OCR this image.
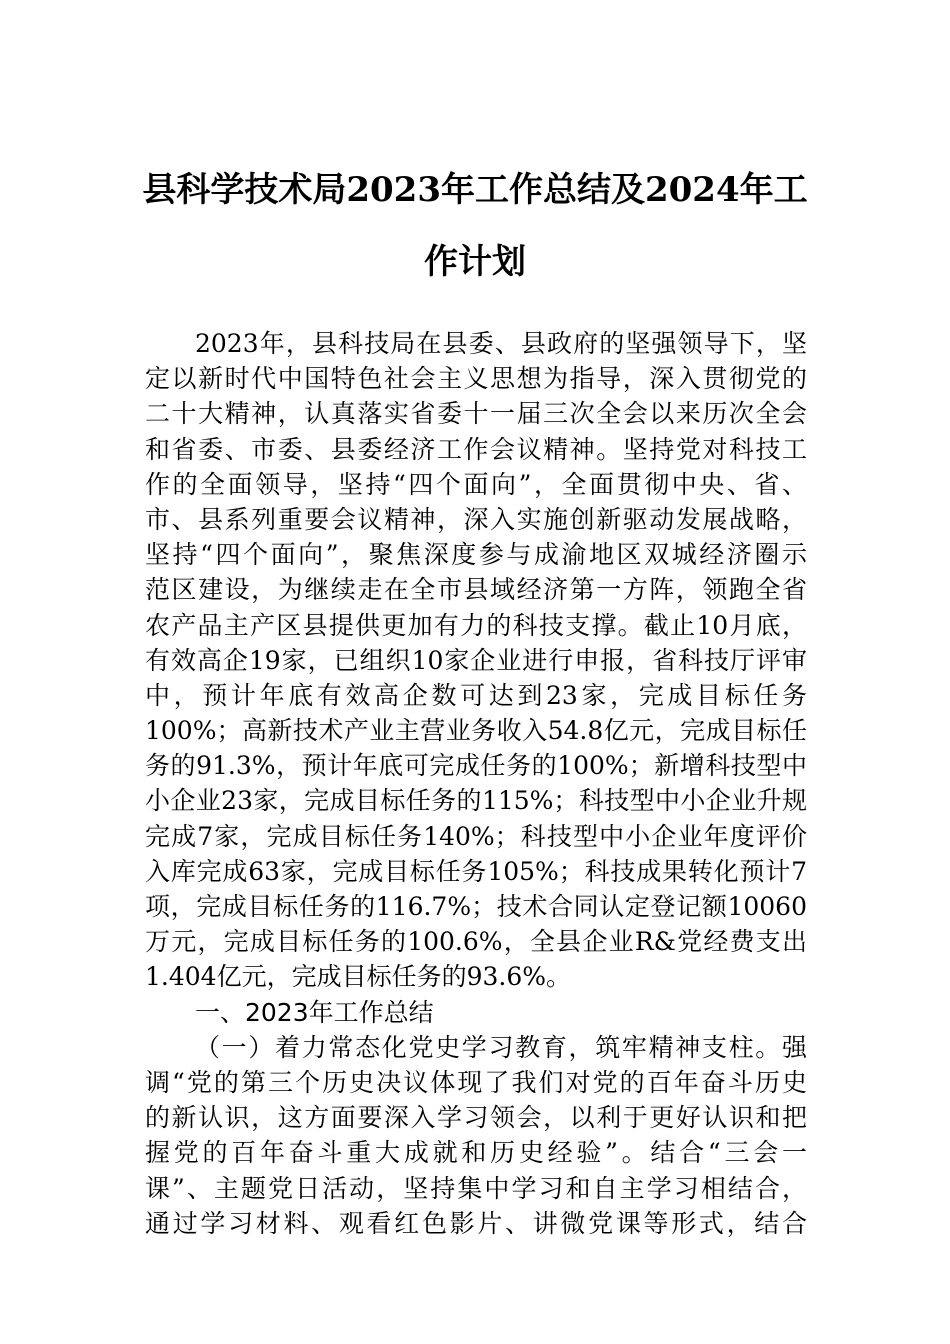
县科学技术局2023年工作总结及2024年工
作计划
2023年，县科技局在县委、县政府的坚强领导下，坚
定以新时代中国特色社会主义思想为指导，深入贯彻党的
二十大精神，认真落实省委十一届三次全会以来历次全会
和省委、市委、县委经济工作会议精神。坚持党对科技工
作的全面领导，坚持“四个面向”，全面贯彻中央、省、
市、县系列重要会议精神，深入实施创新驱动发展战略，
坚持“四个面向”，聚焦深度参与成渝地区双城经济圈示
范区建设，为继续走在全市县域经济第一方阵，领跑全省
农产品主产区县提供更加有力的科技支撑。截止10月底，
有效高企19家，已组织10家企业进行申报，省科技厅评审
中，预计年底有效高企数可达到23家，完成目标任务
100%；高新技术产业主营业务收入54.8亿元，完成目标任
务的91.3%，预计年底可完成任务的100%；新增科技型中
小企业23家，完成目标任务的115%；科技型中小企业升规
完成7家，完成目标任务140%；科技型中小企业年度评价
入库完成63家，完成目标任务105%；科技成果转化预计7
项，完成目标任务的116.7%；技术合同认定登记额10060
万元，完成目标任务的100.6%，全县企业R&党经费支出
1.404亿元，完成目标任务的93.6%。
一、2023年工作总结
（一）着力常态化党史学习教育，筑牢精神支柱。强
调“党的第三个历史决议体现了我们对党的百年奋斗历史
的新认识，这方面要深入学习领会，以利于更好认识和把
握党的百年奋斗重大成就和历史经验”。结合“三会一
课”、主题党日活动，坚持集中学习和自主学习相结合，
通过学习材料、观看红色影片、讲微党课等形式，结合
